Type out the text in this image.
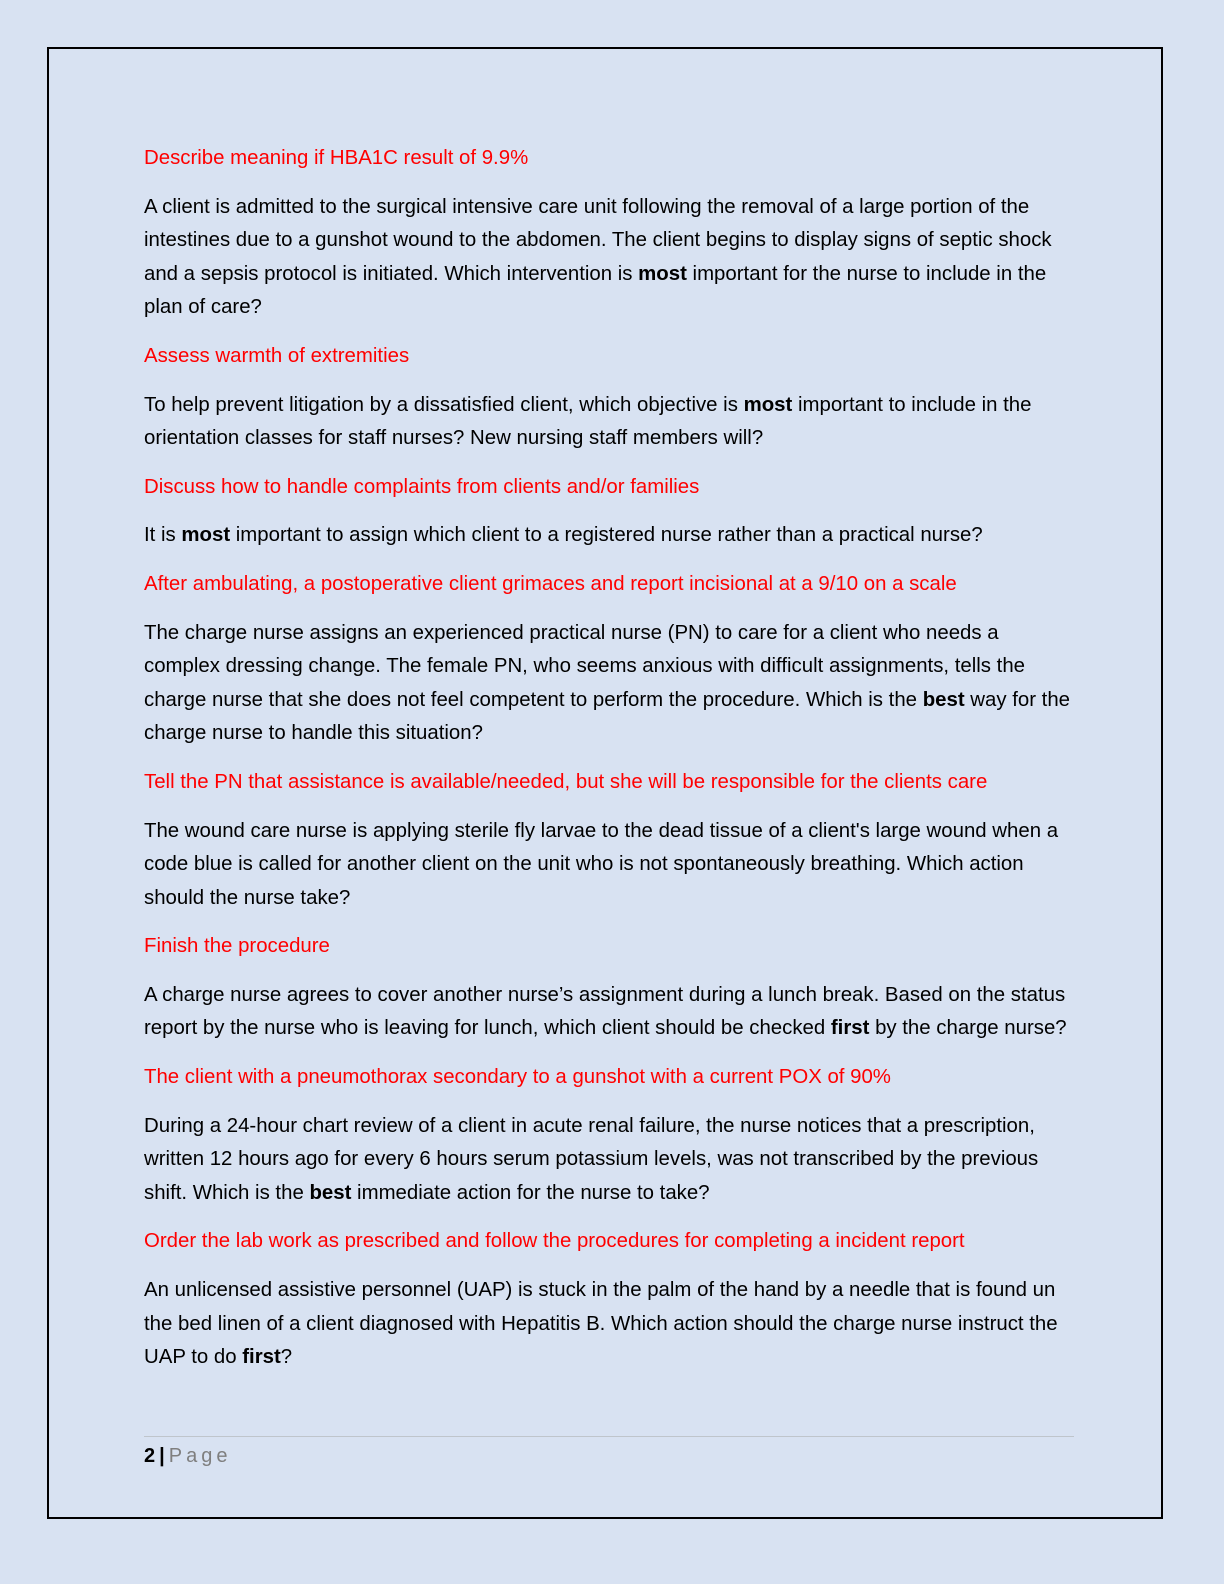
Describe meaning if HBA1C result of 9.9%

A client is admitted to the surgical intensive care unit following the removal of a large portion of the intestines due to a gunshot wound to the abdomen. The client begins to display signs of septic shock and a sepsis protocol is initiated. Which intervention is most important for the nurse to include in the plan of care?

Assess warmth of extremities

To help prevent litigation by a dissatisfied client, which objective is most important to include in the orientation classes for staff nurses? New nursing staff members will?

Discuss how to handle complaints from clients and/or families

It is most important to assign which client to a registered nurse rather than a practical nurse?

After ambulating, a postoperative client grimaces and report incisional at a 9/10 on a scale

The charge nurse assigns an experienced practical nurse (PN) to care for a client who needs a complex dressing change. The female PN, who seems anxious with difficult assignments, tells the charge nurse that she does not feel competent to perform the procedure. Which is the best way for the charge nurse to handle this situation?

Tell the PN that assistance is available/needed, but she will be responsible for the clients care

The wound care nurse is applying sterile fly larvae to the dead tissue of a client's large wound when a code blue is called for another client on the unit who is not spontaneously breathing. Which action should the nurse take?

Finish the procedure

A charge nurse agrees to cover another nurse’s assignment during a lunch break. Based on the status report by the nurse who is leaving for lunch, which client should be checked first by the charge nurse?

The client with a pneumothorax secondary to a gunshot with a current POX of 90%

During a 24-hour chart review of a client in acute renal failure, the nurse notices that a prescription, written 12 hours ago for every 6 hours serum potassium levels, was not transcribed by the previous shift. Which is the best immediate action for the nurse to take?

Order the lab work as prescribed and follow the procedures for completing a incident report

An unlicensed assistive personnel (UAP) is stuck in the palm of the hand by a needle that is found un the bed linen of a client diagnosed with Hepatitis B. Which action should the charge nurse instruct the UAP to do first?

2 | Page
